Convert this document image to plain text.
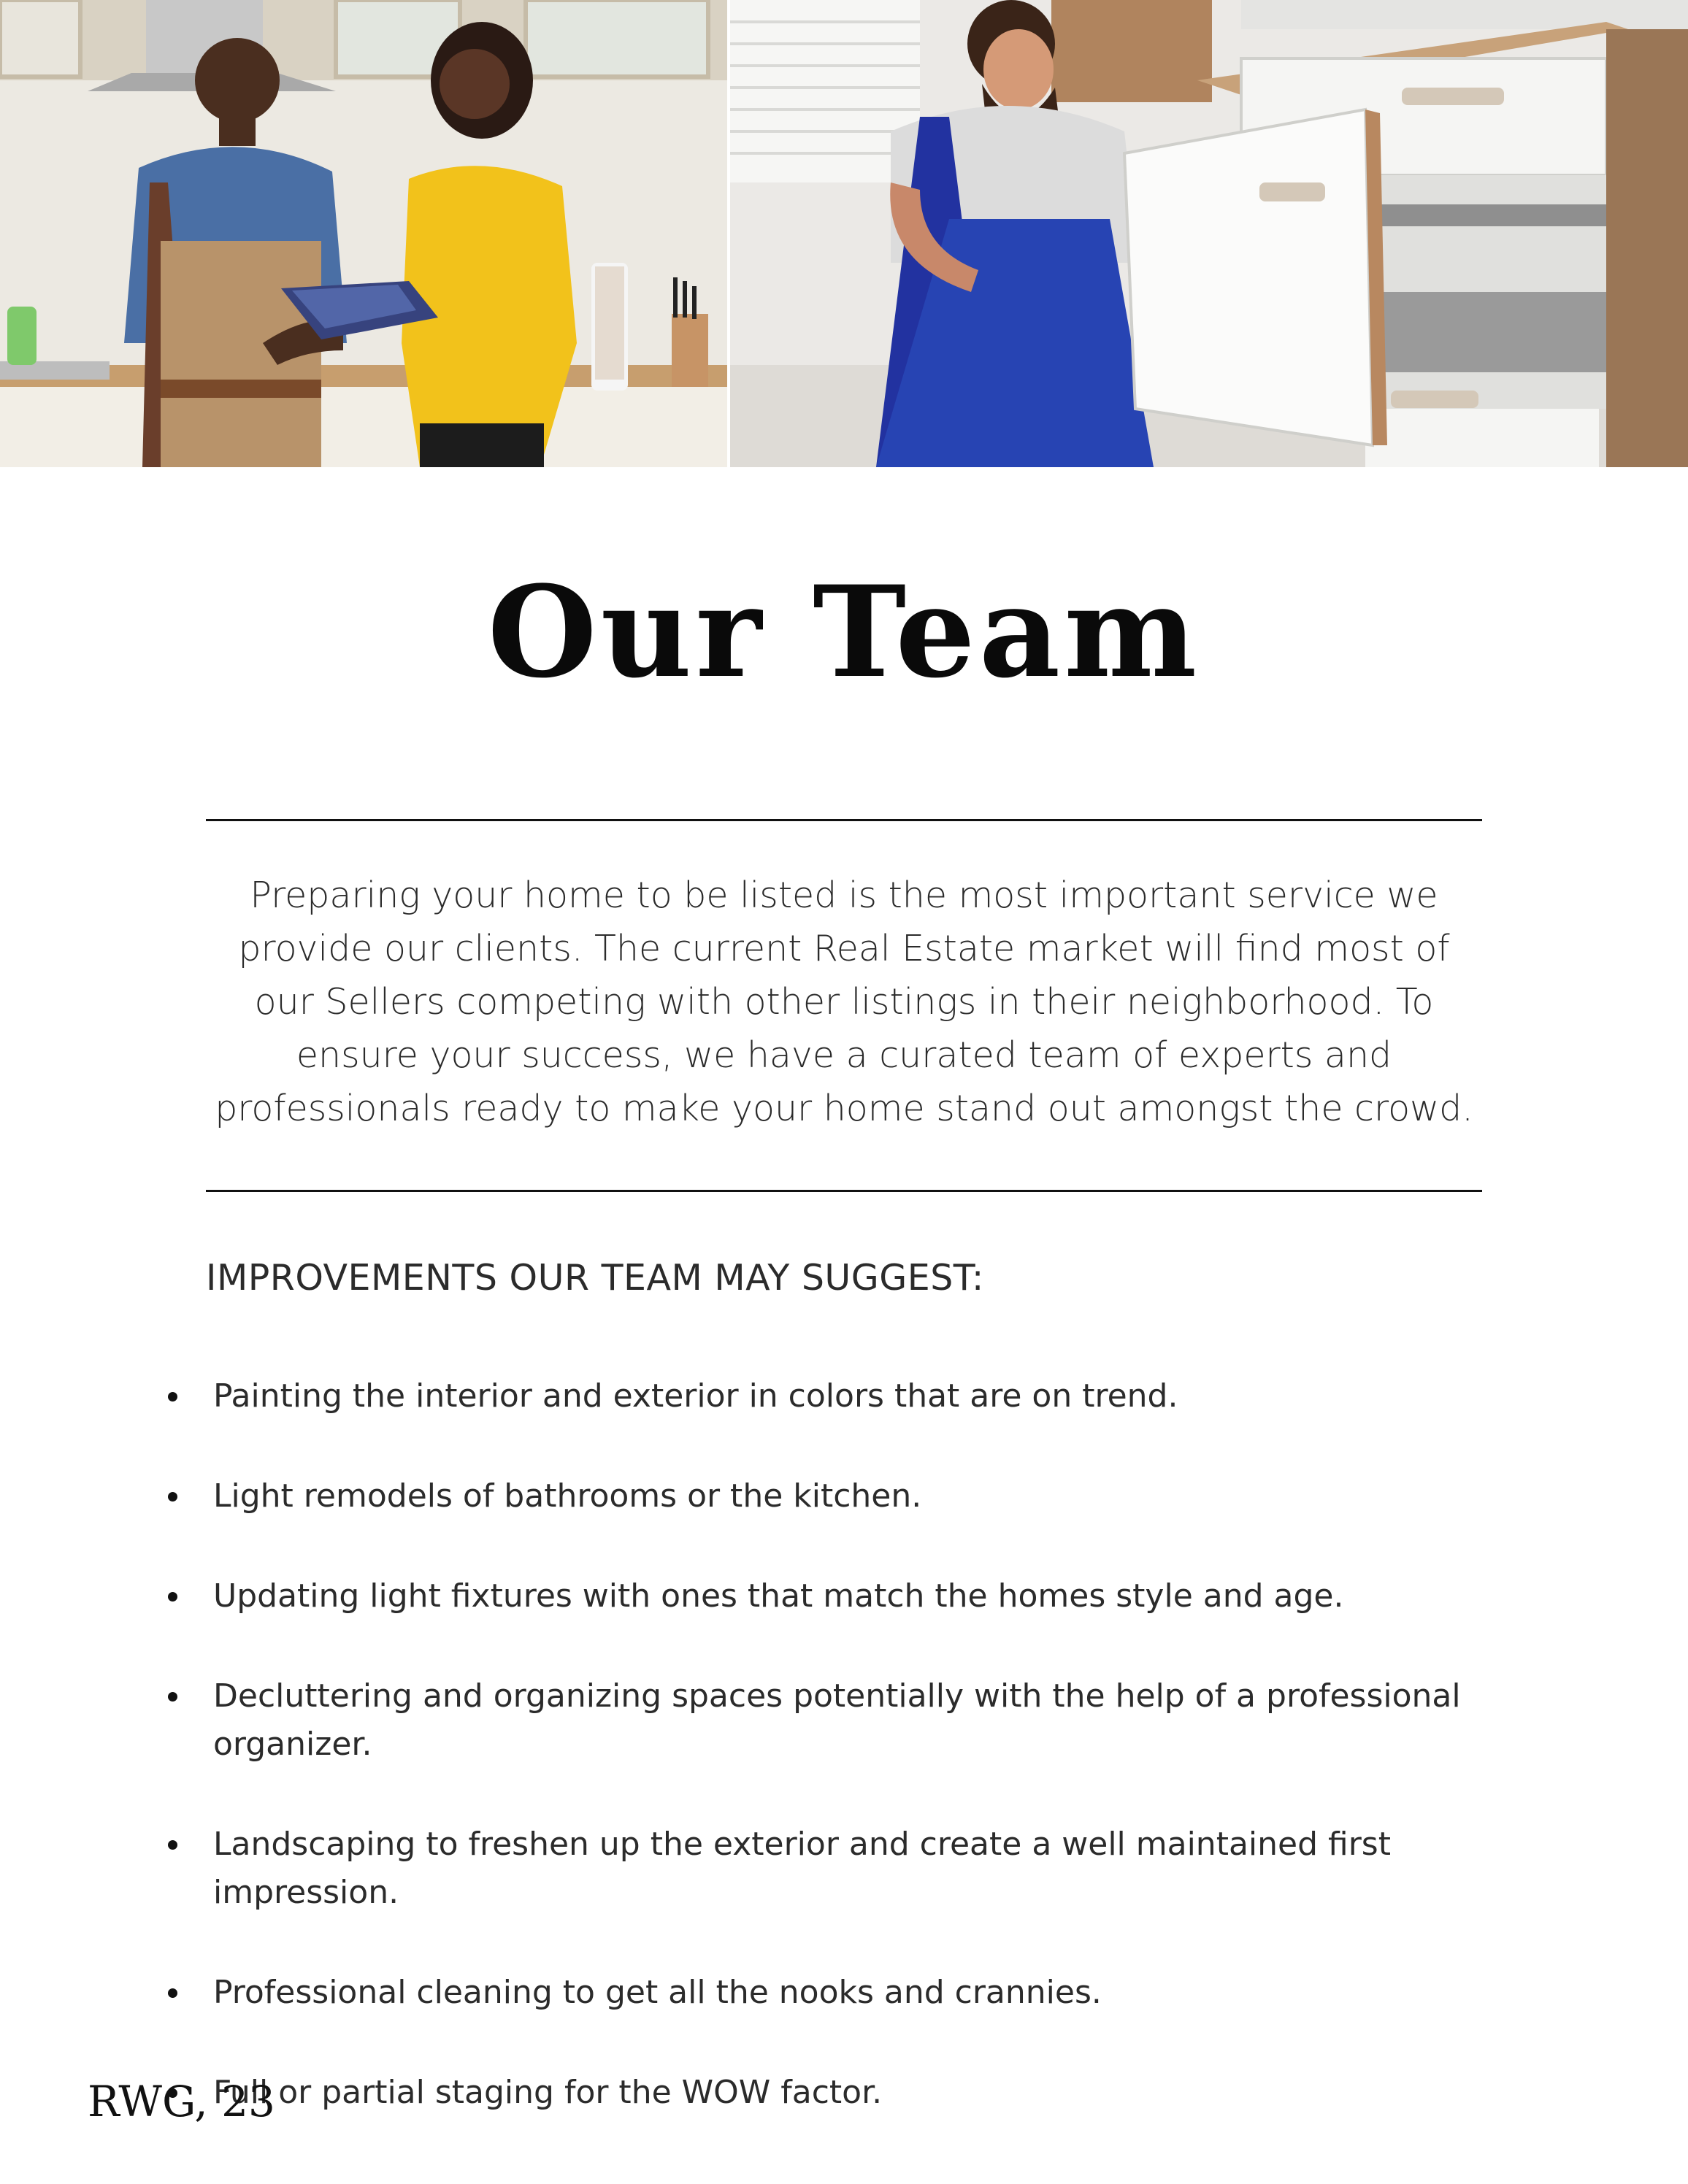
Our Team

Preparing your home to be listed is the most important service we provide our clients. The current Real Estate market will find most of our Sellers competing with other listings in their neighborhood. To ensure your success, we have a curated team of experts and professionals ready to make your home stand out amongst the crowd.

IMPROVEMENTS OUR TEAM MAY SUGGEST:

Painting the interior and exterior in colors that are on trend.
Light remodels of bathrooms or the kitchen.
Updating light fixtures with ones that match the homes style and age.
Decluttering and organizing spaces potentially with the help of a professional organizer.
Landscaping to freshen up the exterior and create a well maintained first impression.
Professional cleaning to get all the nooks and crannies.
Full or partial staging for the WOW factor.

RWG, 23
